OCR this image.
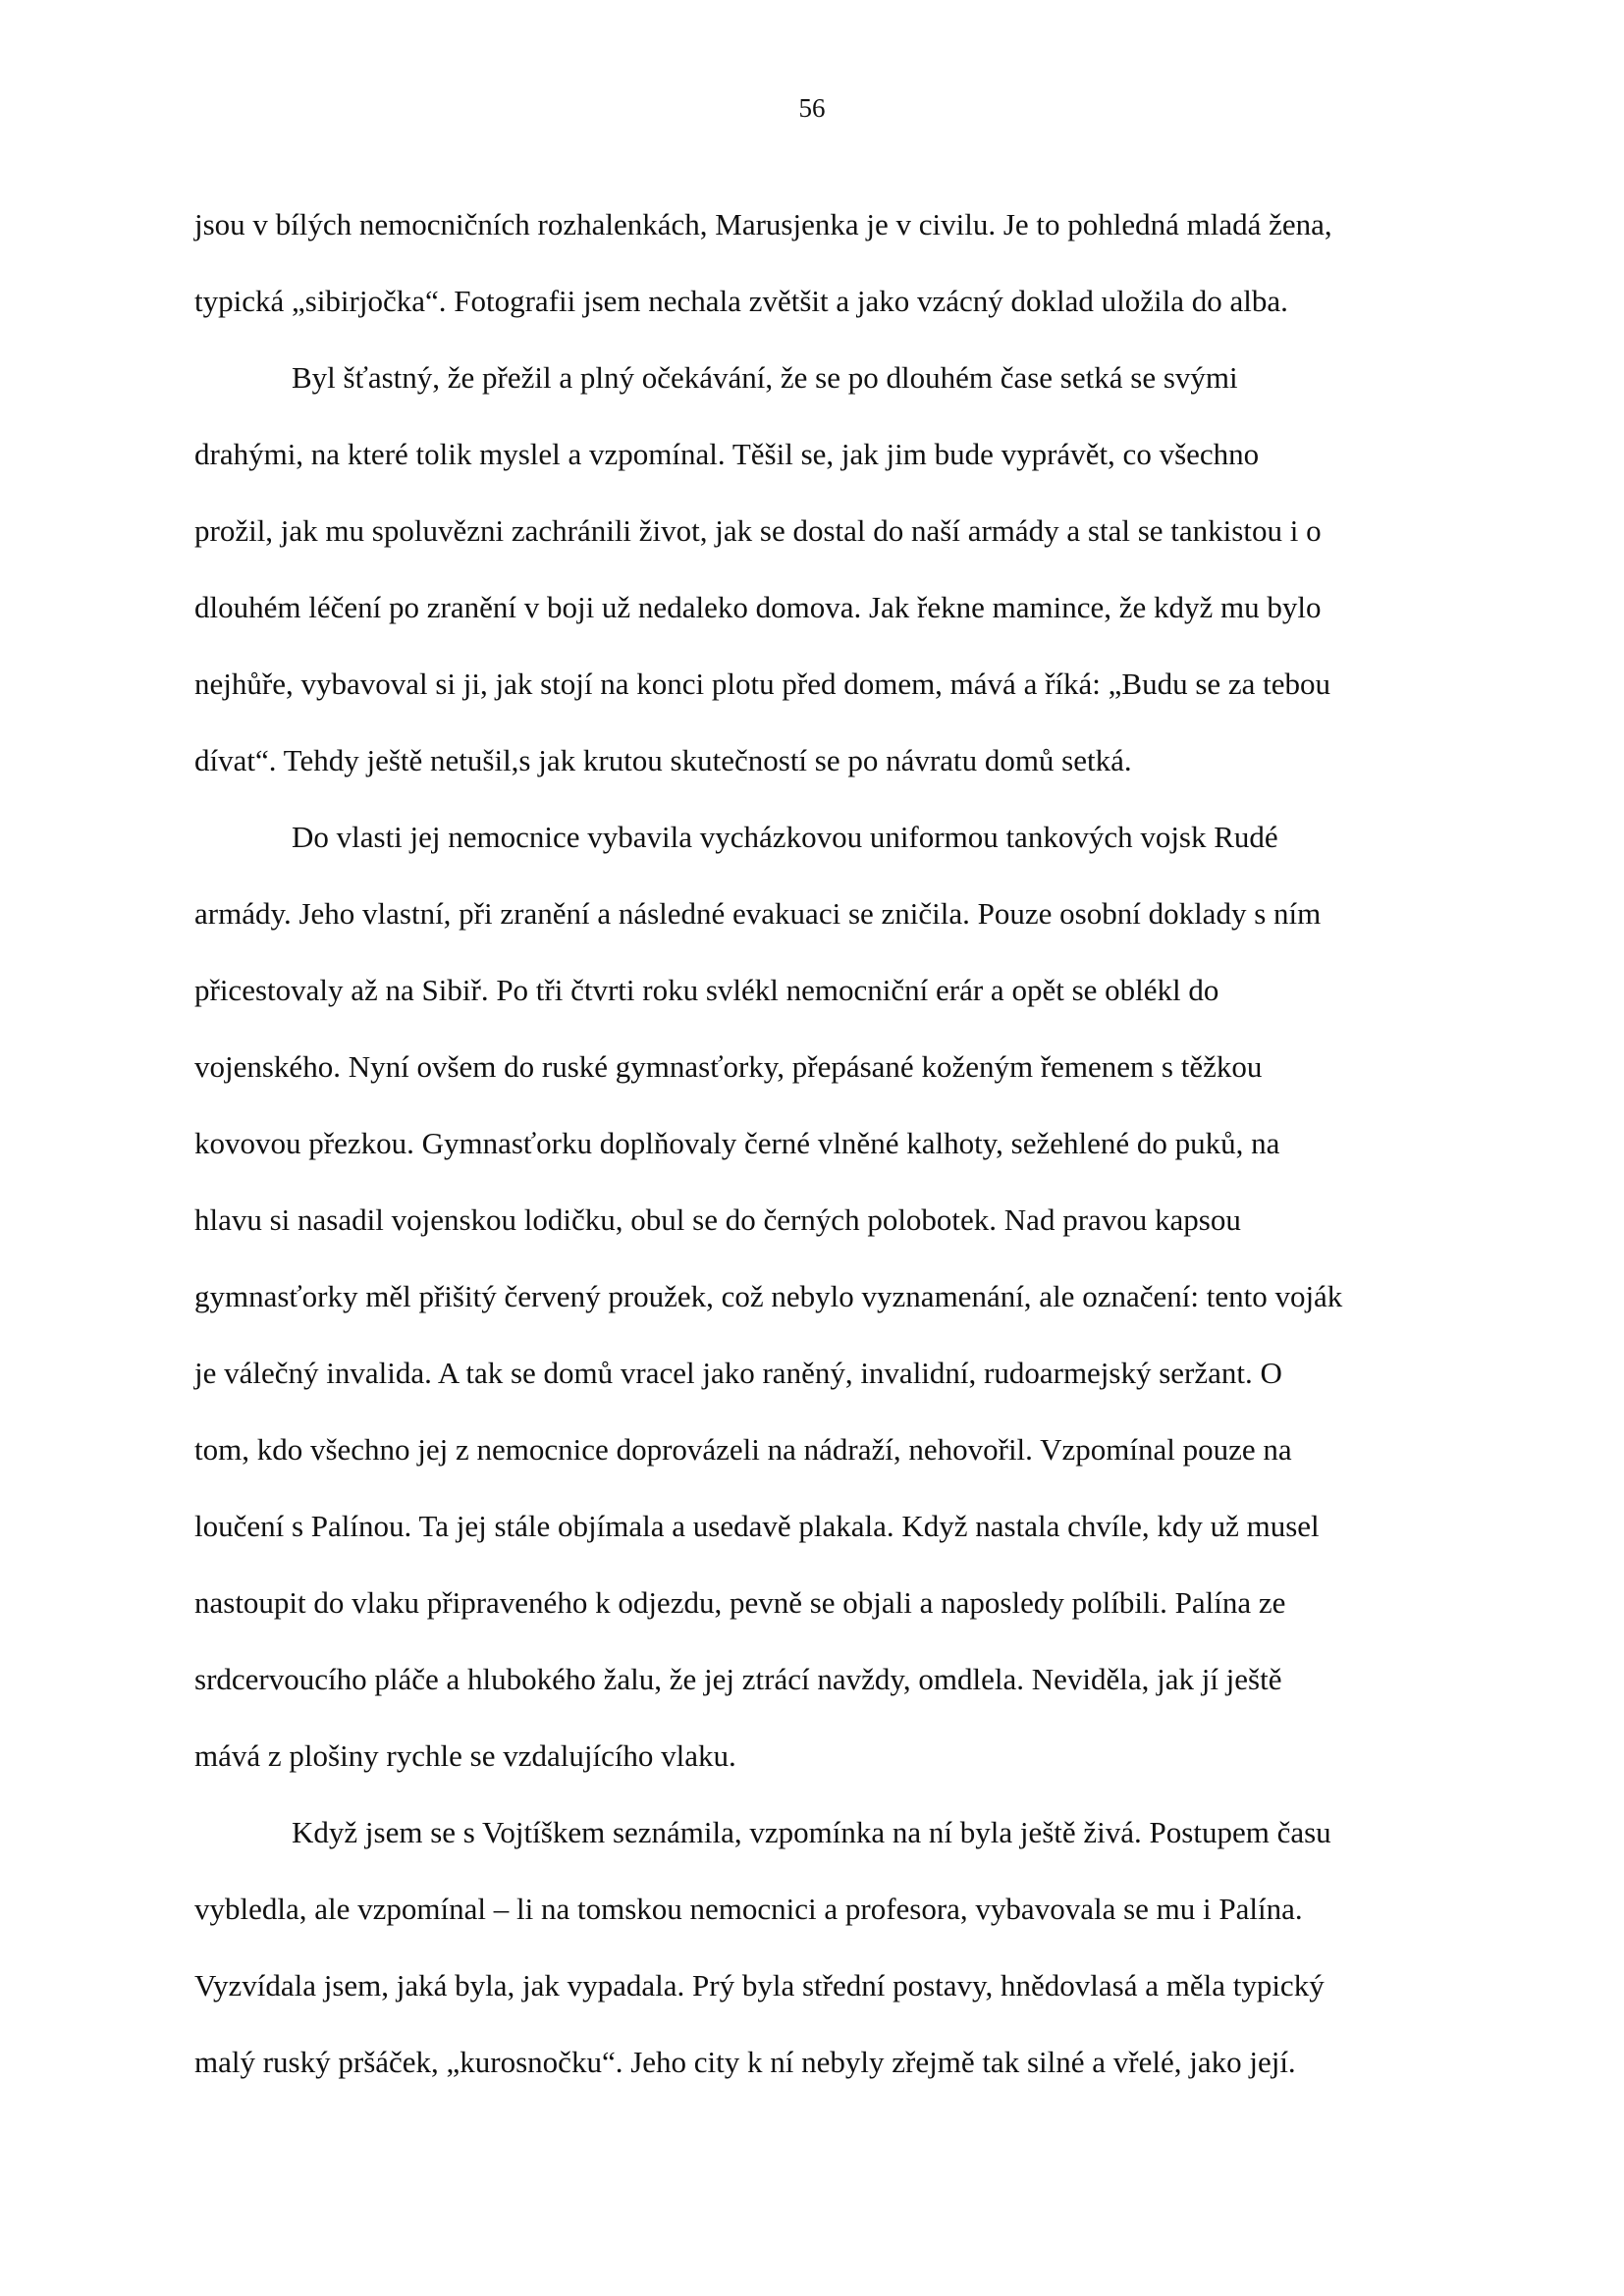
56
jsou v bílých nemocničních rozhalenkách, Marusjenka je v civilu. Je to pohledná mladá žena,
typická „sibirjočka“. Fotografii jsem nechala zvětšit a jako vzácný doklad uložila do alba.
Byl šťastný, že přežil a plný očekávání, že se po dlouhém čase setká se svými
drahými, na které tolik myslel a vzpomínal. Těšil se, jak jim bude vyprávět, co všechno
prožil, jak mu spoluvězni zachránili život, jak se dostal do naší armády a stal se tankistou i o
dlouhém léčení po zranění v boji už nedaleko domova. Jak řekne mamince, že když mu bylo
nejhůře, vybavoval si ji, jak stojí na konci plotu před domem, mává a říká: „Budu se za tebou
dívat“. Tehdy ještě netušil,s jak krutou skutečností se po návratu domů setká.
Do vlasti jej nemocnice vybavila vycházkovou uniformou tankových vojsk Rudé
armády. Jeho vlastní, při zranění a následné evakuaci se zničila. Pouze osobní doklady s ním
přicestovaly až na Sibiř. Po tři čtvrti roku svlékl nemocniční erár a opět se oblékl do
vojenského. Nyní ovšem do ruské gymnasťorky, přepásané koženým řemenem s těžkou
kovovou přezkou. Gymnasťorku doplňovaly černé vlněné kalhoty, sežehlené do puků, na
hlavu si nasadil vojenskou lodičku, obul se do černých polobotek. Nad pravou kapsou
gymnasťorky měl přišitý červený proužek, což nebylo vyznamenání, ale označení: tento voják
je válečný invalida. A tak se domů vracel jako raněný, invalidní, rudoarmejský seržant. O
tom, kdo všechno jej z nemocnice doprovázeli na nádraží, nehovořil. Vzpomínal pouze na
loučení s Palínou. Ta jej stále objímala a usedavě plakala. Když nastala chvíle, kdy už musel
nastoupit do vlaku připraveného k odjezdu, pevně se objali a naposledy políbili. Palína ze
srdcervoucího pláče a hlubokého žalu, že jej ztrácí navždy, omdlela. Neviděla, jak jí ještě
mává z plošiny rychle se vzdalujícího vlaku.
Když jsem se s Vojtíškem seznámila, vzpomínka na ní byla ještě živá. Postupem času
vybledla, ale vzpomínal – li na tomskou nemocnici a profesora, vybavovala se mu i Palína.
Vyzvídala jsem, jaká byla, jak vypadala. Prý byla střední postavy, hnědovlasá a měla typický
malý ruský pršáček, „kurosnočku“. Jeho city k ní nebyly zřejmě tak silné a vřelé, jako její.
